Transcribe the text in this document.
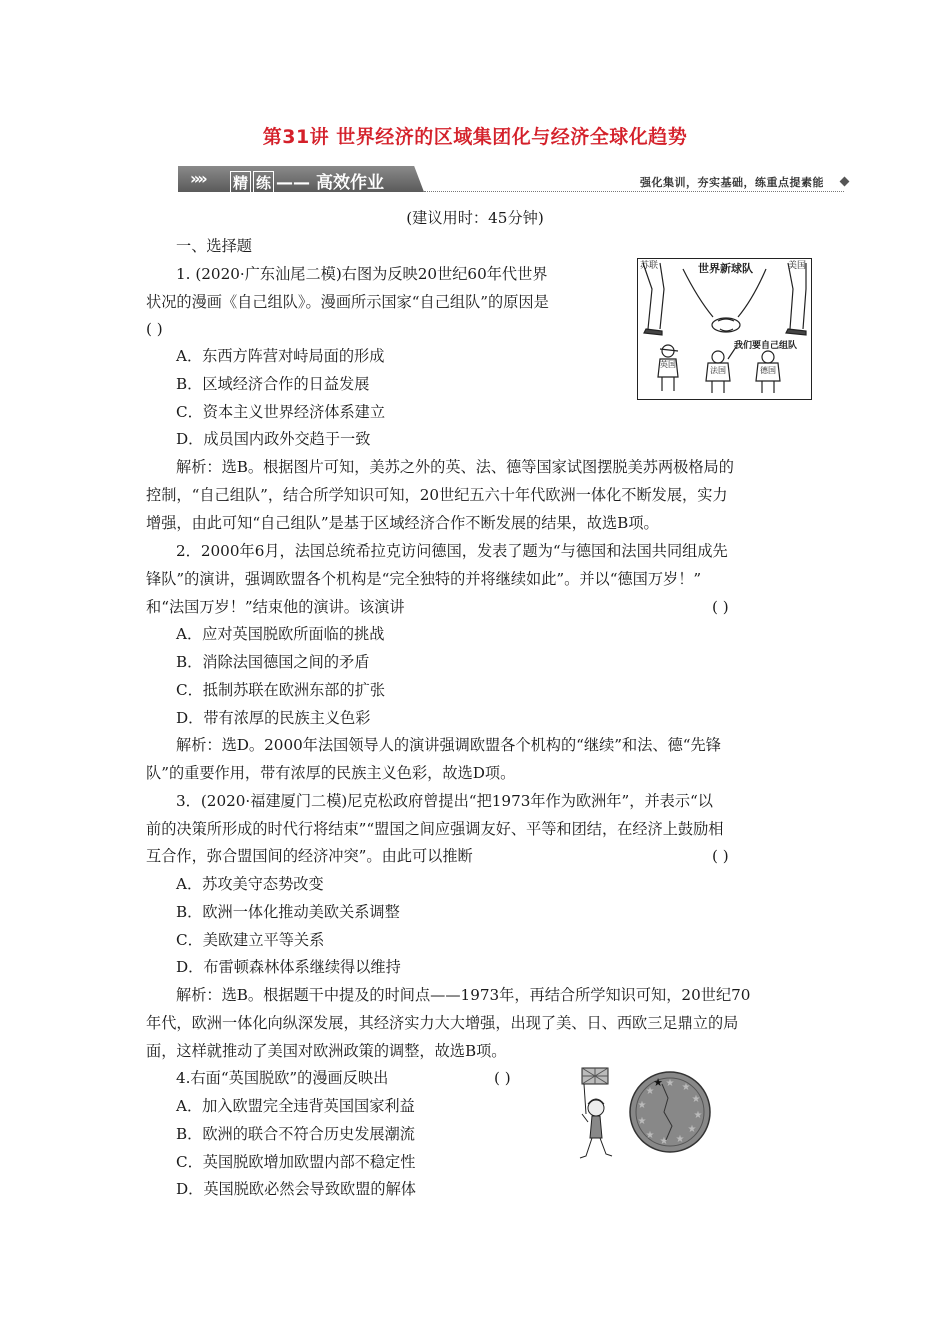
第31讲 世界经济的区域集团化与经济全球化趋势
»» 精 练 —— 高效作业	强化集训，夯实基础，练重点提素能
(建议用时：45分钟)
一、选择题
1. (2020·广东汕尾二模)右图为反映20世纪60年代世界
状况的漫画《自己组队》。漫画所示国家“自己组队”的原因是
( )
A．东西方阵营对峙局面的形成
B．区域经济合作的日益发展
C．资本主义世界经济体系建立
D．成员国内政外交趋于一致
解析：选B。根据图片可知，美苏之外的英、法、德等国家试图摆脱美苏两极格局的
控制，“自己组队”，结合所学知识可知，20世纪五六十年代欧洲一体化不断发展，实力
增强，由此可知“自己组队”是基于区域经济合作不断发展的结果，故选B项。
苏联	世界新球队	美国
我们要自己组队
英国
法国	德国
2．2000年6月，法国总统希拉克访问德国，发表了题为“与德国和法国共同组成先
锋队”的演讲，强调欧盟各个机构是“完全独特的并将继续如此”。并以“德国万岁！”
和“法国万岁！”结束他的演讲。该演讲	( )
A．应对英国脱欧所面临的挑战
B．消除法国德国之间的矛盾
C．抵制苏联在欧洲东部的扩张
D．带有浓厚的民族主义色彩
解析：选D。2000年法国领导人的演讲强调欧盟各个机构的“继续”和法、德“先锋
队”的重要作用，带有浓厚的民族主义色彩，故选D项。
3．(2020·福建厦门二模)尼克松政府曾提出“把1973年作为欧洲年”，并表示“以
前的决策所形成的时代行将结束”“盟国之间应强调友好、平等和团结，在经济上鼓励相
互合作，弥合盟国间的经济冲突”。由此可以推断	( )
A．苏攻美守态势改变
B．欧洲一体化推动美欧关系调整
C．美欧建立平等关系
D．布雷顿森林体系继续得以维持
解析：选B。根据题干中提及的时间点——1973年，再结合所学知识可知，20世纪70
年代，欧洲一体化向纵深发展，其经济实力大大增强，出现了美、日、西欧三足鼎立的局
面，这样就推动了美国对欧洲政策的调整，故选B项。
4.右面“英国脱欧”的漫画反映出	( )
A．加入欧盟完全违背英国国家利益
B．欧洲的联合不符合历史发展潮流
C．英国脱欧增加欧盟内部不稳定性
D．英国脱欧必然会导致欧盟的解体
★ ★
★
★
★
★
★
★
★
★
★
★
